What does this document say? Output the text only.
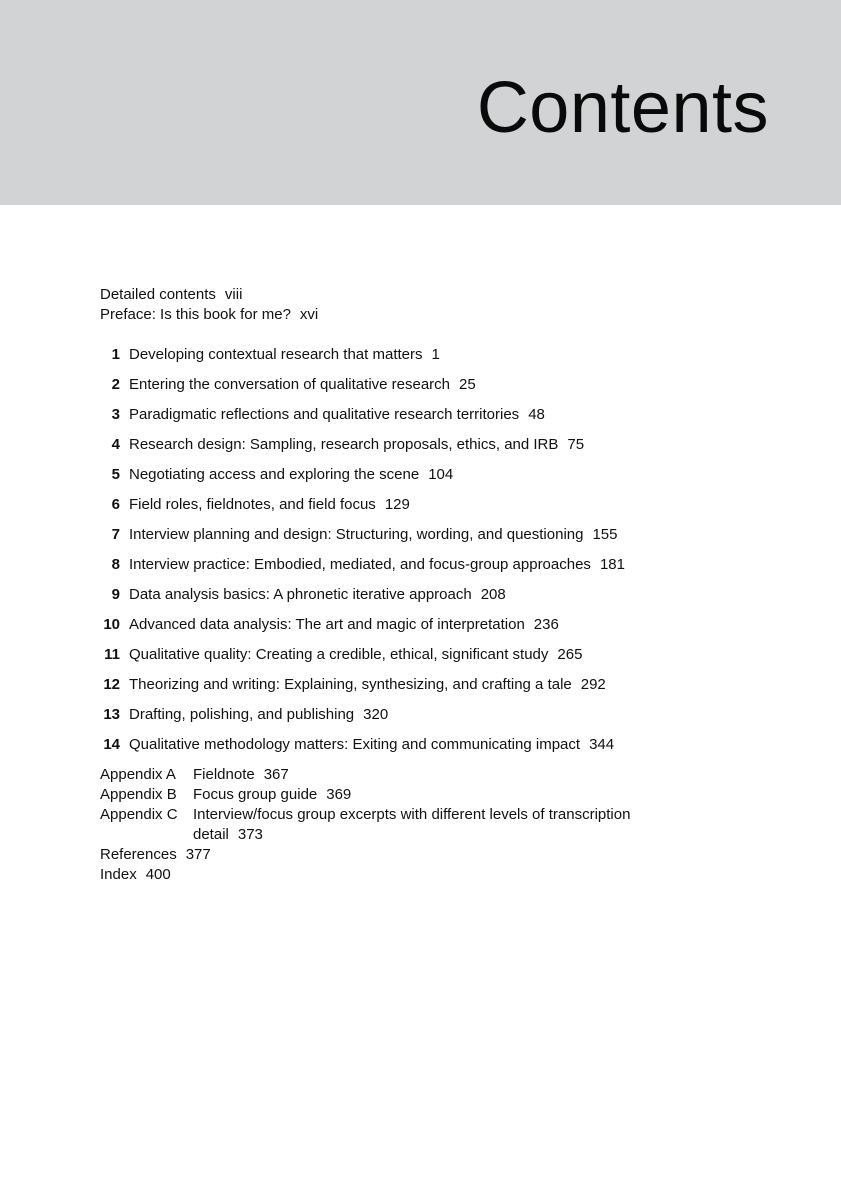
Contents
Detailed contents viii
Preface: Is this book for me? xvi
1 Developing contextual research that matters 1
2 Entering the conversation of qualitative research 25
3 Paradigmatic reflections and qualitative research territories 48
4 Research design: Sampling, research proposals, ethics, and IRB 75
5 Negotiating access and exploring the scene 104
6 Field roles, fieldnotes, and field focus 129
7 Interview planning and design: Structuring, wording, and questioning 155
8 Interview practice: Embodied, mediated, and focus-group approaches 181
9 Data analysis basics: A phronetic iterative approach 208
10 Advanced data analysis: The art and magic of interpretation 236
11 Qualitative quality: Creating a credible, ethical, significant study 265
12 Theorizing and writing: Explaining, synthesizing, and crafting a tale 292
13 Drafting, polishing, and publishing 320
14 Qualitative methodology matters: Exiting and communicating impact 344
Appendix A	Fieldnote 367
Appendix B	Focus group guide 369
Appendix C	Interview/focus group excerpts with different levels of transcription detail 373
References 377
Index 400
